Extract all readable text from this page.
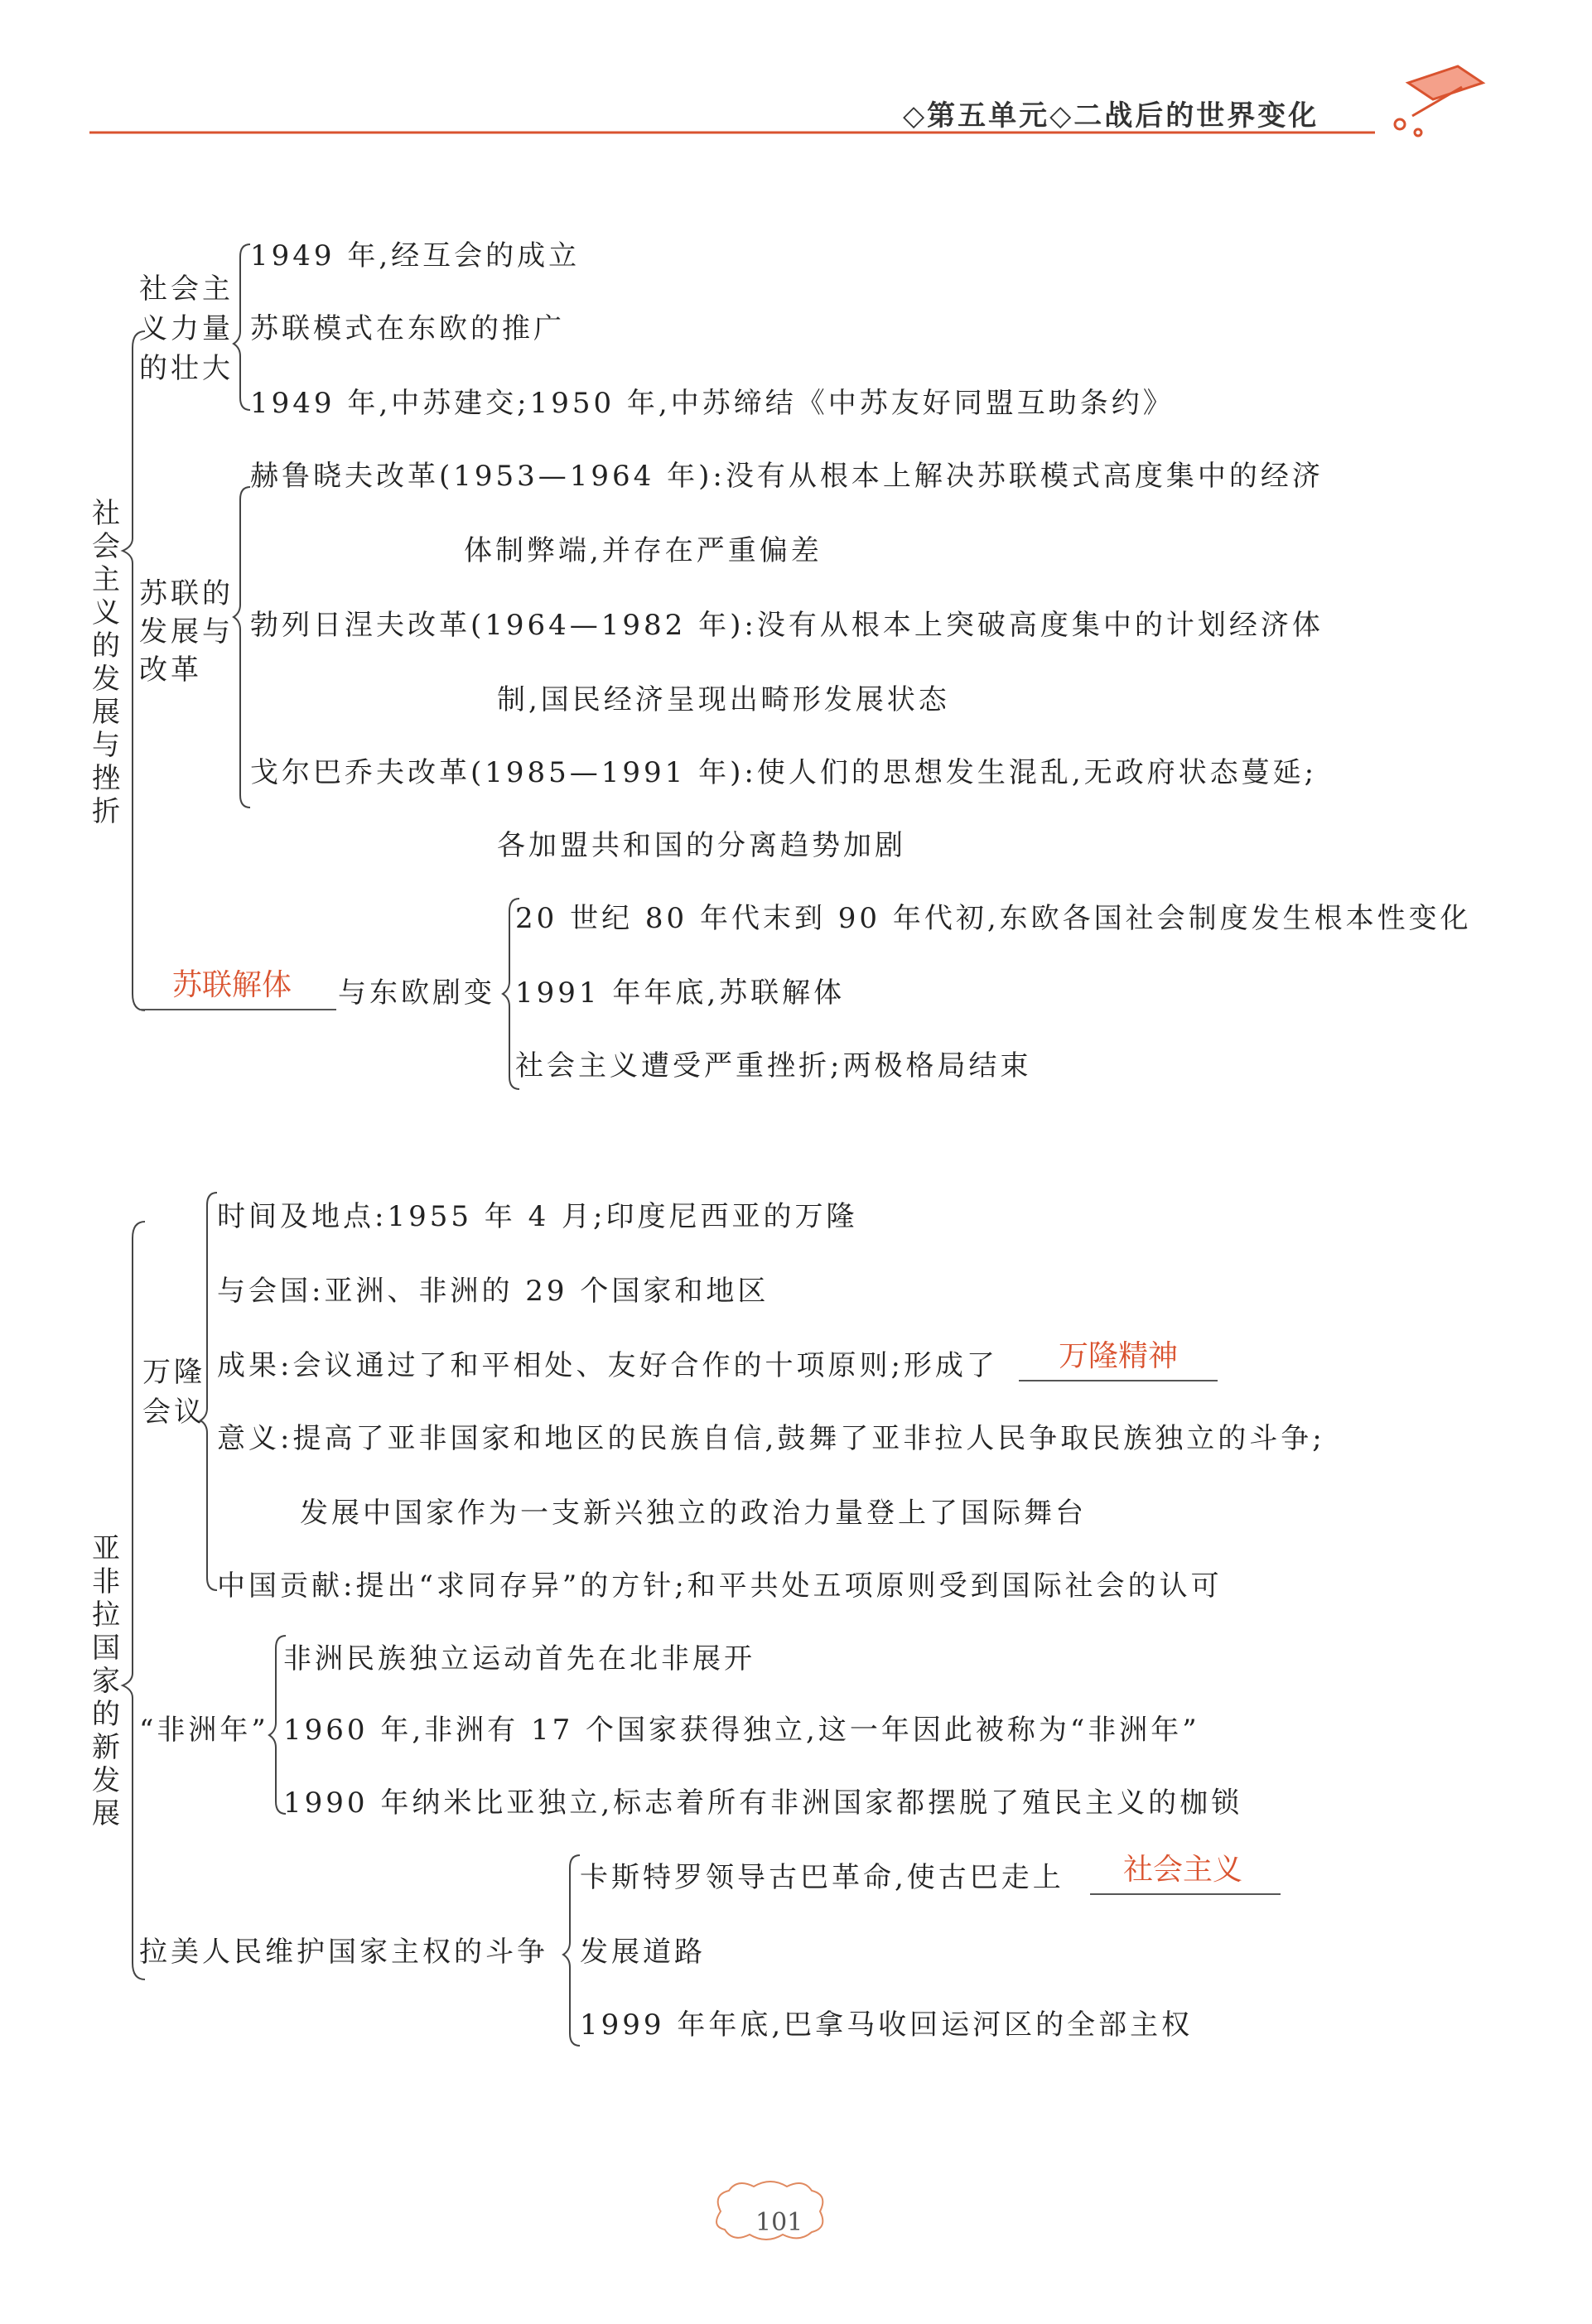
◇第五单元◇二战后的世界变化
社会主义的发展与挫折
社会主
义力量
的壮大
1949 年,经互会的成立
苏联模式在东欧的推广
1949 年,中苏建交;1950 年,中苏缔结《中苏友好同盟互助条约》
苏联的
发展与
改革
赫鲁晓夫改革(1953—1964 年):没有从根本上解决苏联模式高度集中的经济
体制弊端,并存在严重偏差
勃列日涅夫改革(1964—1982 年):没有从根本上突破高度集中的计划经济体
制,国民经济呈现出畸形发展状态
戈尔巴乔夫改革(1985—1991 年):使人们的思想发生混乱,无政府状态蔓延;
各加盟共和国的分离趋势加剧
苏联解体 与东欧剧变
20 世纪 80 年代末到 90 年代初,东欧各国社会制度发生根本性变化
1991 年年底,苏联解体
社会主义遭受严重挫折;两极格局结束
亚非拉国家的新发展
万隆
会议
时间及地点:1955 年 4 月;印度尼西亚的万隆
与会国:亚洲、非洲的 29 个国家和地区
成果:会议通过了和平相处、友好合作的十项原则;形成了 万隆精神
意义:提高了亚非国家和地区的民族自信,鼓舞了亚非拉人民争取民族独立的斗争;
发展中国家作为一支新兴独立的政治力量登上了国际舞台
中国贡献:提出“求同存异”的方针;和平共处五项原则受到国际社会的认可
“非洲年”
非洲民族独立运动首先在北非展开
1960 年,非洲有 17 个国家获得独立,这一年因此被称为“非洲年”
1990 年纳米比亚独立,标志着所有非洲国家都摆脱了殖民主义的枷锁
拉美人民维护国家主权的斗争
卡斯特罗领导古巴革命,使古巴走上 社会主义
发展道路
1999 年年底,巴拿马收回运河区的全部主权
101
